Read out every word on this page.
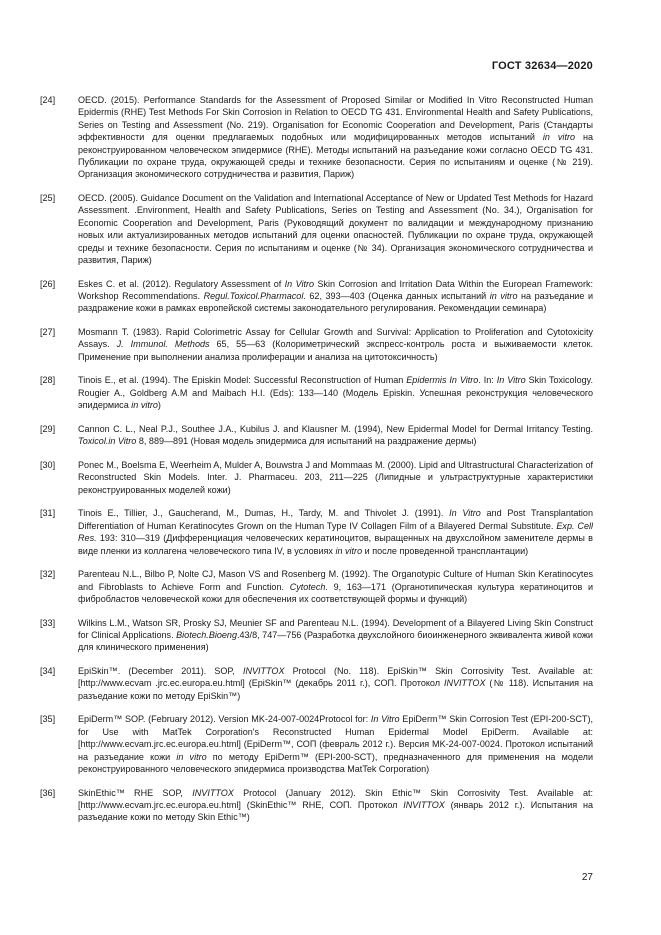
ГОСТ 32634—2020
[24]	OECD. (2015). Performance Standards for the Assessment of Proposed Similar or Modified In Vitro Reconstructed Human Epidermis (RHE) Test Methods For Skin Corrosion in Relation to OECD TG 431. Environmental Health and Safety Publications, Series on Testing and Assessment (No. 219). Organisation for Economic Cooperation and Development, Paris (Стандарты эффективности для оценки предлагаемых подобных или модифицированных методов испытаний in vitro на реконструированном человеческом эпидермисе (RHE). Методы испытаний на разъедание кожи согласно OECD TG 431. Публикации по охране труда, окружающей среды и технике безопасности. Серия по испытаниям и оценке (№ 219). Организация экономического сотрудничества и развития, Париж)
[25]	OECD. (2005). Guidance Document on the Validation and International Acceptance of New or Updated Test Methods for Hazard Assessment. .Environment, Health and Safety Publications, Series on Testing and Assessment (No. 34.), Organisation for Economic Cooperation and Development, Paris (Руководящий документ по валидации и международному признанию новых или актуализированных методов испытаний для оценки опасностей. Публикации по охране труда, окружающей среды и технике безопасности. Серия по испытаниям и оценке (№ 34). Организация экономического сотрудничества и развития, Париж)
[26]	Eskes C. et al. (2012). Regulatory Assessment of In Vitro Skin Corrosion and Irritation Data Within the European Framework: Workshop Recommendations. Regul.Toxicol.Pharmacol. 62, 393—403 (Оценка данных испытаний in vitro на разъедание и раздражение кожи в рамках европейской системы законодательного регулирования. Рекомендации семинара)
[27]	Mosmann T. (1983). Rapid Colorimetric Assay for Cellular Growth and Survival: Application to Proliferation and Cytotoxicity Assays. J. Immunol. Methods 65, 55—63 (Колориметрический экспресс-контроль роста и выживаемости клеток. Применение при выполнении анализа пролиферации и анализа на цитотоксичность)
[28]	Tinois E., et al. (1994). The Episkin Model: Successful Reconstruction of Human Epidermis In Vitro. In: In Vitro Skin Toxicology. Rougier A., Goldberg A.M and Maibach H.I. (Eds): 133—140 (Модель Episkin. Успешная реконструкция человеческого эпидермиса in vitro)
[29]	Cannon C. L., Neal P.J., Southee J.A., Kubilus J. and Klausner M. (1994), New Epidermal Model for Dermal Irritancy Testing. Toxicol.in Vitro 8, 889—891 (Новая модель эпидермиса для испытаний на раздражение дермы)
[30]	Ponec M., Boelsma E, Weerheim A, Mulder A, Bouwstra J and Mommaas M. (2000). Lipid and Ultrastructural Characterization of Reconstructed Skin Models. Inter. J. Pharmaceu. 203, 211—225 (Липидные и ультраструктурные характеристики реконструированных моделей кожи)
[31]	Tinois E., Tillier, J., Gaucherand, M., Dumas, H., Tardy, M. and Thivolet J. (1991). In Vitro and Post Transplantation Differentiation of Human Keratinocytes Grown on the Human Type IV Collagen Film of a Bilayered Dermal Substitute. Exp. Cell Res. 193: 310—319 (Дифференциация человеческих кератиноцитов, выращенных на двухслойном заменителе дермы в виде пленки из коллагена человеческого типа IV, в условиях in vitro и после проведенной трансплантации)
[32]	Parenteau N.L., Bilbo P, Nolte CJ, Mason VS and Rosenberg M. (1992). The Organotypic Culture of Human Skin Keratinocytes and Fibroblasts to Achieve Form and Function. Cytotech. 9, 163—171 (Органотипическая культура кератиноцитов и фибробластов человеческой кожи для обеспечения их соответствующей формы и функций)
[33]	Wilkins L.M., Watson SR, Prosky SJ, Meunier SF and Parenteau N.L. (1994). Development of a Bilayered Living Skin Construct for Clinical Applications. Biotech.Bioeng.43/8, 747—756 (Разработка двухслойного биоинженерного эквивалента живой кожи для клинического применения)
[34]	EpiSkin™. (December 2011). SOP, INVITTOX Protocol (No. 118). EpiSkin™ Skin Corrosivity Test. Available at: [http://www.ecvam .jrc.ec.europa.eu.html] (EpiSkin™ (декабрь 2011 г.), СОП. Протокол INVITTOX (№ 118). Испытания на разъедание кожи по методу EpiSkin™)
[35]	EpiDerm™ SOP. (February 2012). Version MK-24-007-0024Protocol for: In Vitro EpiDerm™ Skin Corrosion Test (EPI-200-SCT), for Use with MatTek Corporation's Reconstructed Human Epidermal Model EpiDerm. Available at: [http://www.ecvam.jrc.ec.europa.eu.html] (EpiDerm™, СОП (февраль 2012 г.). Версия MK-24-007-0024. Протокол испытаний на разъедание кожи in vitro по методу EpiDerm™ (EPI-200-SCT), предназначенного для применения на модели реконструированного человеческого эпидермиса производства MatTek Corporation)
[36]	SkinEthic™ RHE SOP, INVITTOX Protocol (January 2012). Skin Ethic™ Skin Corrosivity Test. Available at: [http://www.ecvam.jrc.ec.europa.eu.html] (SkinEthic™ RHE, СОП. Протокол INVITTOX (январь 2012 г.). Испытания на разъедание кожи по методу Skin Ethic™)
27
